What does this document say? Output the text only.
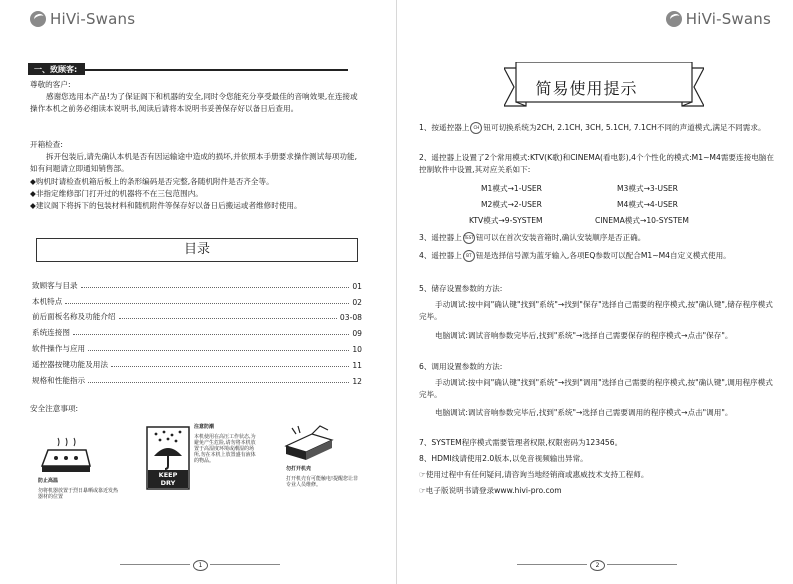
HiVi-Swans
一、致顾客:
尊敬的客户:
感谢您选用本产品!为了保证阁下和机器的安全,同时令您能充分享受最佳的音响效果,在连接或操作本机之前务必细读本说明书,阅读后请将本说明书妥善保存好以备日后查用。
开箱检查:
拆开包装后,请先确认本机是否有因运输途中造成的损坏,并依照本手册要求操作测试每项功能,如有问题请立即通知销售部。
◆购机时请检查机箱后板上的条形编码是否完整,各随机附件是否齐全等。
◆非指定维修部门打开过的机器将不在三包范围内。
◆建议阁下将拆下的包装材料和随机附件等保存好以备日后搬运或者维修时使用。
目录
致顾客与目录	01
本机特点	02
前后面板名称及功能介绍	03-08
系统连接图	09
软件操作与应用	10
遥控器按键功能及用法	11
规格和性能指示	12
安全注意事项:
防止高温
勿将机器放置于烈日暴晒或靠近发热器材的位置
KEEP
DRY
注意防潮
本机使用在高压工作状态,为避免产生危险,请勿将本机放置于高湿度环境或潮湿的场所,勿在本机上放置盛有液体的物品。
勿打开机壳
打开机壳有可能触电!提醒您让非专业人员维修。
1
HiVi-Swans
简易使用提示
1、按遥控器上 CH 钮可切换系统为2CH, 2.1CH, 3CH, 5.1CH, 7.1CH不同的声道模式,满足不同需求。
2、遥控器上设置了2个常用模式:KTV(K歌)和CINEMA(看电影),4个个性化的模式:M1~M4需要连接电脑在控制软件中设置,其对应关系如下:
M1模式→1-USER	M3模式→3-USER
M2模式→2-USER	M4模式→4-USER
KTV模式→9-SYSTEM	CINEMA模式→10-SYSTEM
3、遥控器上 TEST 钮可以在首次安装音箱时,确认安装顺序是否正确。
4、遥控器上 BT 钮是选择信号源为蓝牙输入,各项EQ参数可以配合M1~M4自定义模式使用。
5、储存设置参数的方法:
手动调试:按中间"确认键"找到"系统"→找到"保存"选择自己需要的程序模式,按"确认键",储存程序模式完毕。
电脑调试:调试音响参数完毕后,找到"系统"→选择自己需要保存的程序模式→点击"保存"。
6、调用设置参数的方法:
手动调试:按中间"确认键"找到"系统"→找到"调用"选择自己需要的程序模式,按"确认键",调用程序模式完毕。
电脑调试:调试音响参数完毕后,找到"系统"→选择自己需要调用的程序模式→点击"调用"。
7、SYSTEM程序模式需要管理者权限,权限密码为123456。
8、HDMI线请使用2.0版本,以免音视频输出异常。
☞使用过程中有任何疑问,请咨询当地经销商或惠威技术支持工程师。
☞电子版说明书请登录www.hivi-pro.com
2
